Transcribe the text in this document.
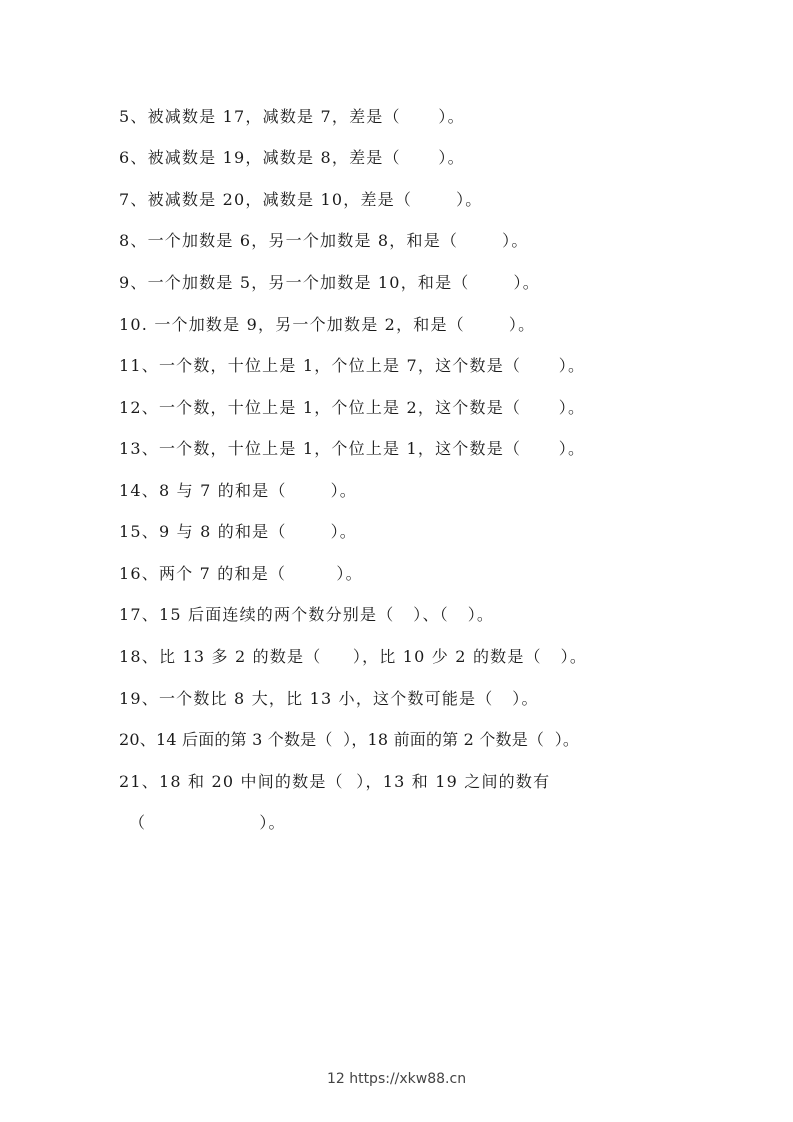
5、被减数是 17，减数是 7，差是（      ）。
6、被减数是 19，减数是 8，差是（      ）。
7、被减数是 20，减数是 10，差是（       ）。
8、一个加数是 6，另一个加数是 8，和是（       ）。
9、一个加数是 5，另一个加数是 10，和是（       ）。
10. 一个加数是 9，另一个加数是 2，和是（       ）。
11、一个数，十位上是 1，个位上是 7，这个数是（      ）。
12、一个数，十位上是 1，个位上是 2，这个数是（      ）。
13、一个数，十位上是 1，个位上是 1，这个数是（      ）。
14、8 与 7 的和是（       ）。
15、9 与 8 的和是（       ）。
16、两个 7 的和是（        ）。
17、15 后面连续的两个数分别是（   ）、（   ）。
18、比 13 多 2 的数是（     ），比 10 少 2 的数是（   ）。
19、一个数比 8 大，比 13 小，这个数可能是（   ）。
20、14 后面的第 3 个数是（  ），18 前面的第 2 个数是（  ）。
21、18 和 20 中间的数是（  ），13 和 19 之间的数有
（                  ）。
12 https://xkw88.cn
